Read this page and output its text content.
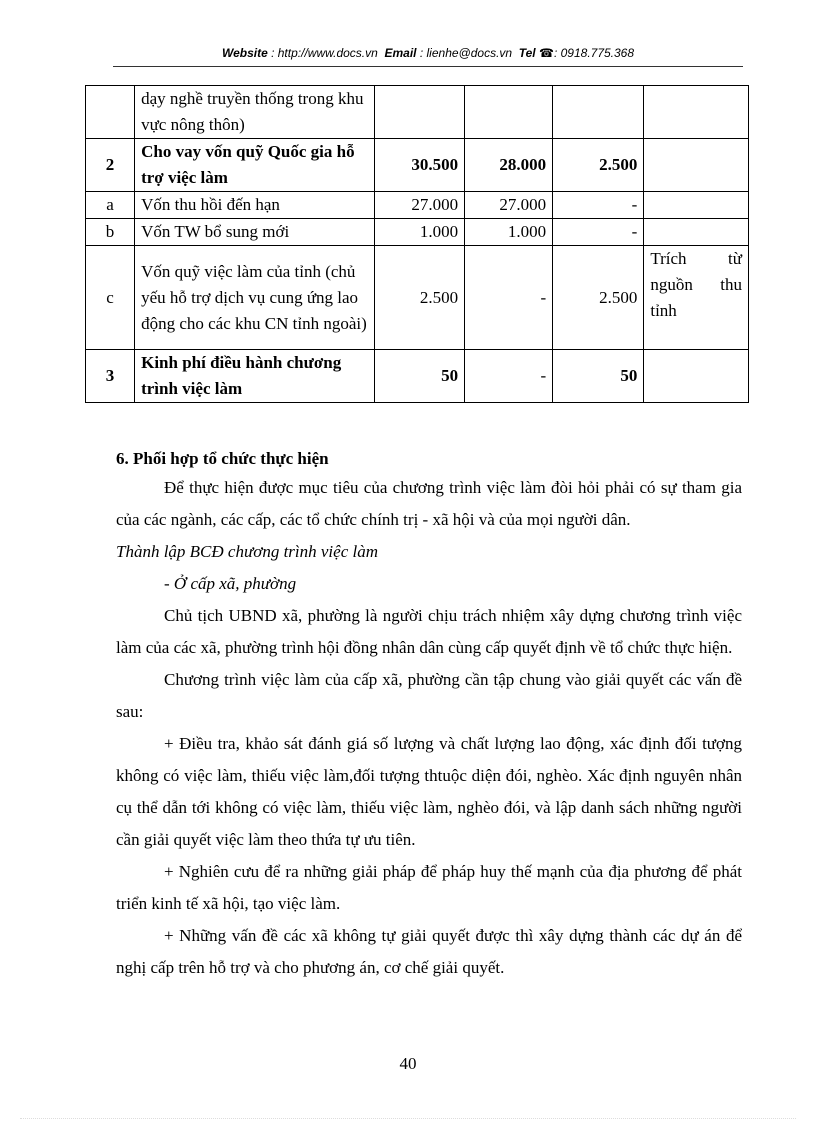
Website : http://www.docs.vn Email : lienhe@docs.vn Tel ☎: 0918.775.368
	dạy nghề truyền thống trong khu vực nông thôn)				
2	Cho vay vốn quỹ Quốc gia hỗ trợ việc làm	30.500	28.000	2.500	
a	Vốn thu hồi đến hạn	27.000	27.000	-	
b	Vốn TW bổ sung mới	1.000	1.000	-	
c	Vốn quỹ việc làm của tỉnh (chủ yếu hỗ trợ dịch vụ cung ứng lao động cho các khu CN tỉnh ngoài)	2.500	-	2.500	Trích từ nguồn thu
tỉnh

3	Kinh phí điều hành chương trình việc làm	50	-	50	
6. Phối hợp tổ chức thực hiện
Để thực hiện được mục tiêu của chương trình việc làm đòi hỏi phải có sự tham gia của các ngành, các cấp, các tổ chức chính trị - xã hội và của mọi người dân.
Thành lập BCĐ chương trình việc làm
- Ở cấp xã, phường
Chủ tịch UBND xã, phường là người chịu trách nhiệm xây dựng chương trình việc làm của các xã, phường trình hội đồng nhân dân cùng cấp quyết định về tổ chức thực hiện.
Chương trình việc làm của cấp xã, phường cần tập chung vào giải quyết các vấn đề sau:
+ Điều tra, khảo sát đánh giá số lượng và chất lượng lao động, xác định đối tượng không có việc làm, thiếu việc làm,đối tượng thtuộc diện đói, nghèo. Xác định nguyên nhân cụ thể dẫn tới không có việc làm, thiếu việc làm, nghèo đói, và lập danh sách những người cần giải quyết việc làm theo thứa tự ưu tiên.
+ Nghiên cưu để ra những giải pháp để pháp huy thế mạnh của địa phương để phát triển kinh tế xã hội, tạo việc làm.
+ Những vấn đề các xã không tự giải quyết được thì xây dựng thành các dự án để nghị cấp trên hỗ trợ và cho phương án, cơ chế giải quyết.
40
